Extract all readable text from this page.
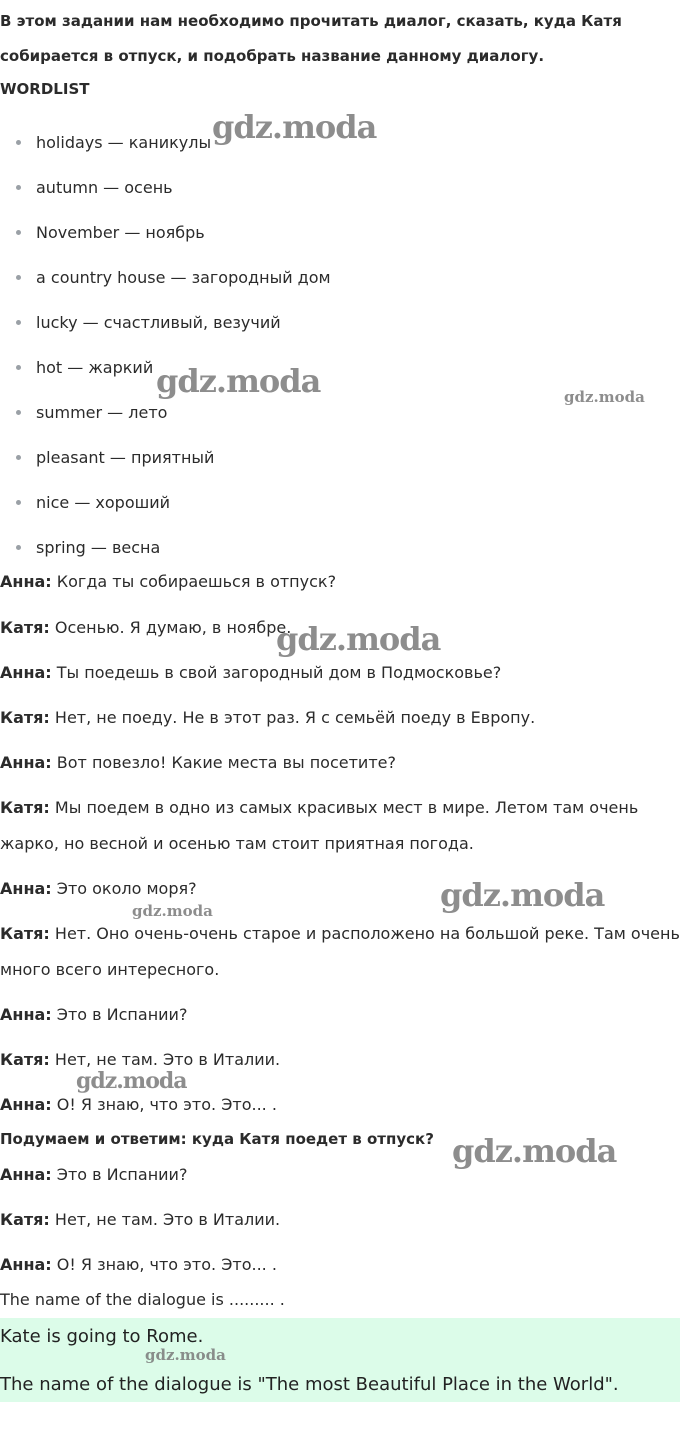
В этом задании нам необходимо прочитать диалог, сказать, куда Катя собирается в отпуск, и подобрать название данному диалогу.

WORDLIST

holidays — каникулы
autumn — осень
November — ноябрь
a country house — загородный дом
lucky — счастливый, везучий
hot — жаркий
summer — лето
pleasant — приятный
nice — хороший
spring — весна

Анна: Когда ты собираешься в отпуск?

Катя: Осенью. Я думаю, в ноябре.

Анна: Ты поедешь в свой загородный дом в Подмосковье?

Катя: Нет, не поеду. Не в этот раз. Я с семьёй поеду в Европу.

Анна: Вот повезло! Какие места вы посетите?

Катя: Мы поедем в одно из самых красивых мест в мире. Летом там очень жарко, но весной и осенью там стоит приятная погода.

Анна: Это около моря?

Катя: Нет. Оно очень-очень старое и расположено на большой реке. Там очень много всего интересного.

Анна: Это в Испании?

Катя: Нет, не там. Это в Италии.

Анна: О! Я знаю, что это. Это... .

Подумаем и ответим: куда Катя поедет в отпуск?

Анна: Это в Испании?

Катя: Нет, не там. Это в Италии.

Анна: О! Я знаю, что это. Это... .

The name of the dialogue is ......... .

Kate is going to Rome.

The name of the dialogue is "The most Beautiful Place in the World".

gdz.moda
gdz.moda	gdz.moda
gdz.moda
gdz.moda
gdz.moda
gdz.moda
gdz.moda
gdz.moda
